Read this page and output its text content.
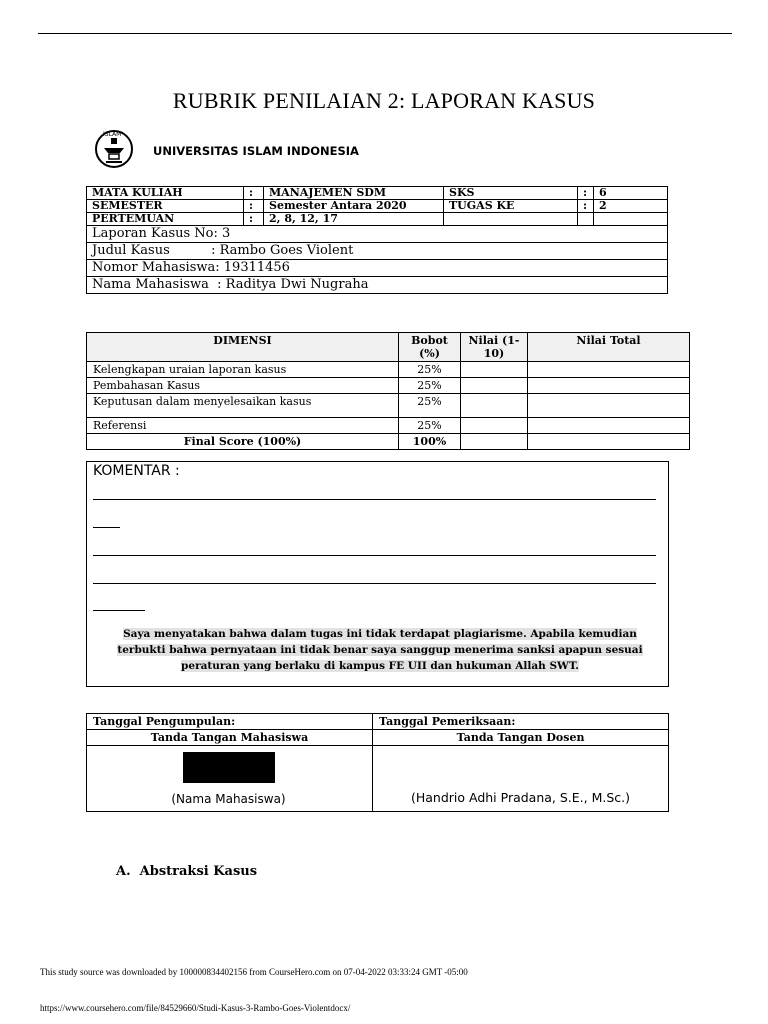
RUBRIK PENILAIAN 2: LAPORAN KASUS
ISLAM
UNIVERSITAS ISLAM INDONESIA
MATA KULIAH	:	MANAJEMEN SDM	SKS	:	6
SEMESTER	:	Semester Antara 2020	TUGAS KE	:	2
PERTEMUAN	:	2, 8, 12, 17			
Laporan Kasus No: 3					
Judul Kasus          : Rambo Goes Violent					
Nomor Mahasiswa: 19311456					
Nama Mahasiswa  : Raditya Dwi Nugraha					
DIMENSI	Bobot (%)	Nilai (1-10)	Nilai Total
Kelengkapan uraian laporan kasus	25%		
Pembahasan Kasus	25%		
Keputusan dalam menyelesaikan kasus	25%		
Referensi	25%		
Final Score (100%)	100%		
KOMENTAR :
Saya menyatakan bahwa dalam tugas ini tidak terdapat plagiarisme. Apabila kemudian terbukti bahwa pernyataan ini tidak benar saya sanggup menerima sanksi apapun sesuai peraturan yang berlaku di kampus FE UII dan hukuman Allah SWT.
Tanggal Pengumpulan:	Tanggal Pemeriksaan:
Tanda Tangan Mahasiswa	Tanda Tangan Dosen

(Nama Mahasiswa)	(Handrio Adhi Pradana, S.E., M.Sc.)
A.  Abstraksi Kasus
This study source was downloaded by 100000834402156 from CourseHero.com on 07-04-2022 03:33:24 GMT -05:00
https://www.coursehero.com/file/84529660/Studi-Kasus-3-Rambo-Goes-Violentdocx/
